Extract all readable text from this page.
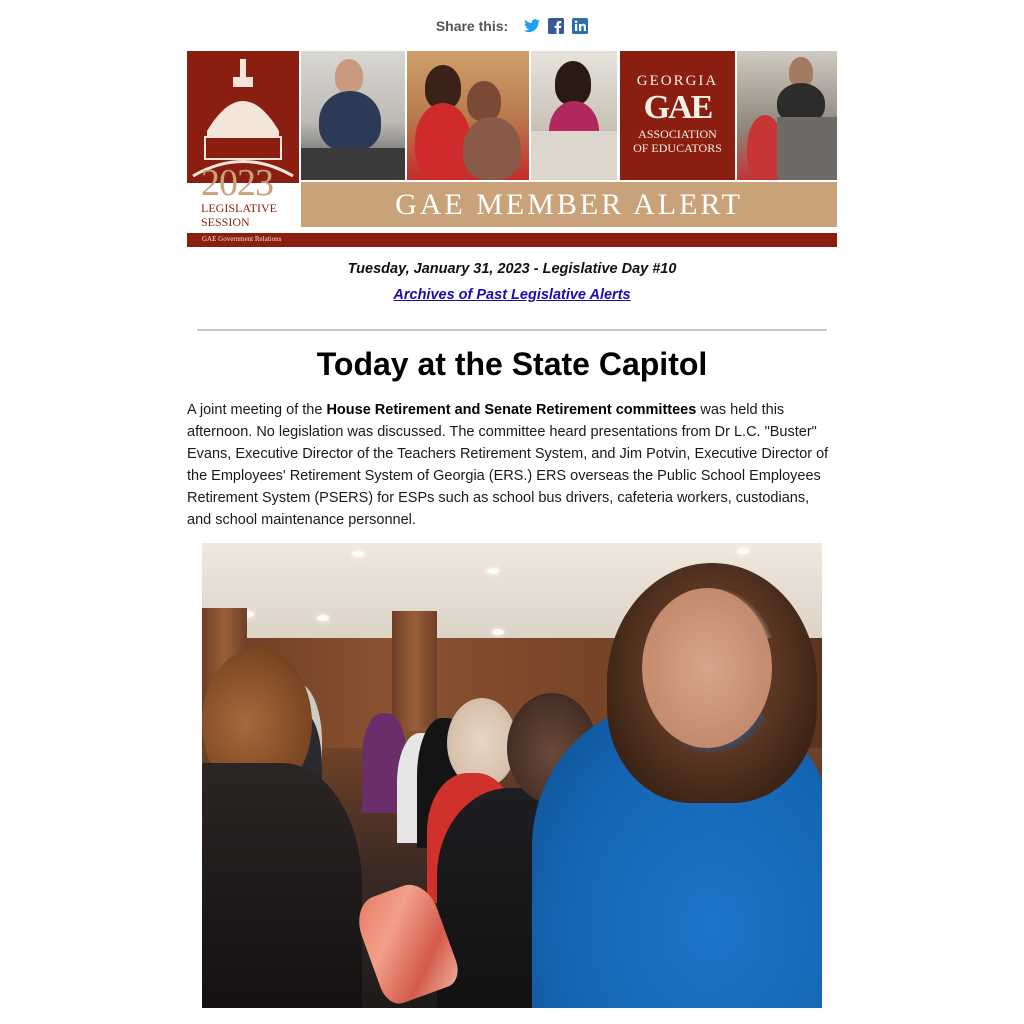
Share this:
2023
LEGISLATIVE
SESSION
GEORGIA
GAE
ASSOCIATION
OF EDUCATORS
GAE MEMBER ALERT
GAE Government Relations
Tuesday, January 31, 2023 - Legislative Day #10
Archives of Past Legislative Alerts
Today at the State Capitol
A joint meeting of the House Retirement and Senate Retirement committees was held this afternoon. No legislation was discussed. The committee heard presentations from Dr L.C. "Buster" Evans, Executive Director of the Teachers Retirement System, and Jim Potvin, Executive Director of the Employees' Retirement System of Georgia (ERS.) ERS overseas the Public School Employees Retirement System (PSERS) for ESPs such as school bus drivers, cafeteria workers, custodians, and school maintenance personnel.
